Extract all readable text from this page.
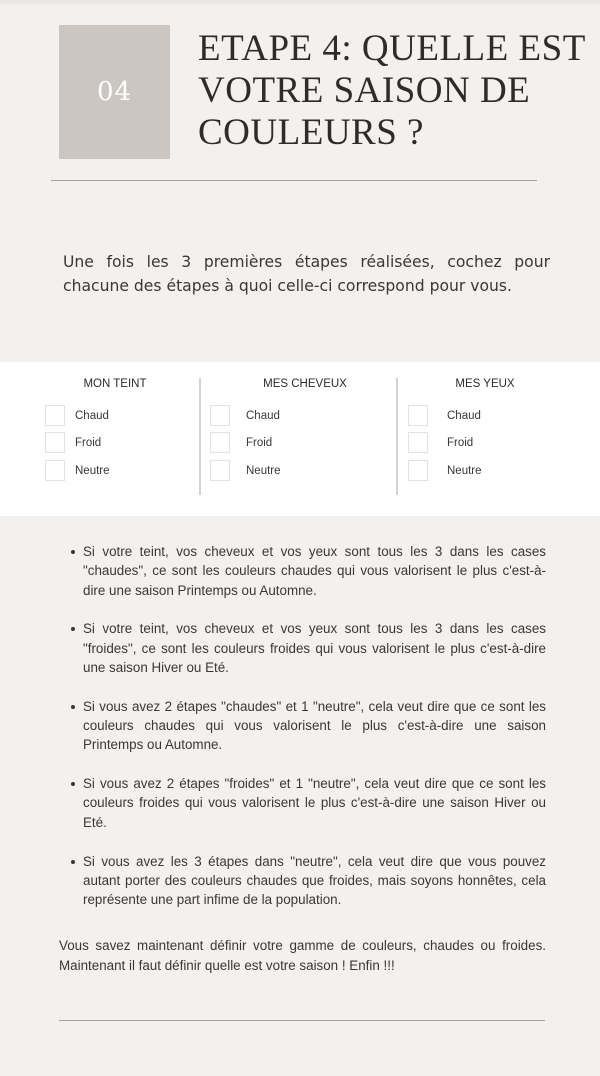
04
ETAPE 4: QUELLE EST
VOTRE SAISON DE
COULEURS ?

Une fois les 3 premières étapes réalisées, cochez pour chacune des étapes à quoi celle-ci correspond pour vous.

MON TEINT
Chaud
Froid
Neutre
MES CHEVEUX
Chaud
Froid
Neutre
MES YEUX
Chaud
Froid
Neutre
Si votre teint, vos cheveux et vos yeux sont tous les 3 dans les cases "chaudes", ce sont les couleurs chaudes qui vous valorisent le plus c'est-à-dire une saison Printemps ou Automne.
Si votre teint, vos cheveux et vos yeux sont tous les 3 dans les cases "froides", ce sont les couleurs froides qui vous valorisent le plus c'est-à-dire une saison Hiver ou Eté.
Si vous avez 2 étapes "chaudes" et 1 "neutre", cela veut dire que ce sont les couleurs chaudes qui vous valorisent le plus c'est-à-dire une saison Printemps ou Automne.
Si vous avez 2 étapes "froides" et 1 "neutre", cela veut dire que ce sont les couleurs froides qui vous valorisent le plus c'est-à-dire une saison Hiver ou Eté.
Si vous avez les 3 étapes dans "neutre", cela veut dire que vous pouvez autant porter des couleurs chaudes que froides, mais soyons honnêtes, cela représente une part infime de la population.

Vous savez maintenant définir votre gamme de couleurs, chaudes ou froides. Maintenant il faut définir quelle est votre saison ! Enfin !!!
